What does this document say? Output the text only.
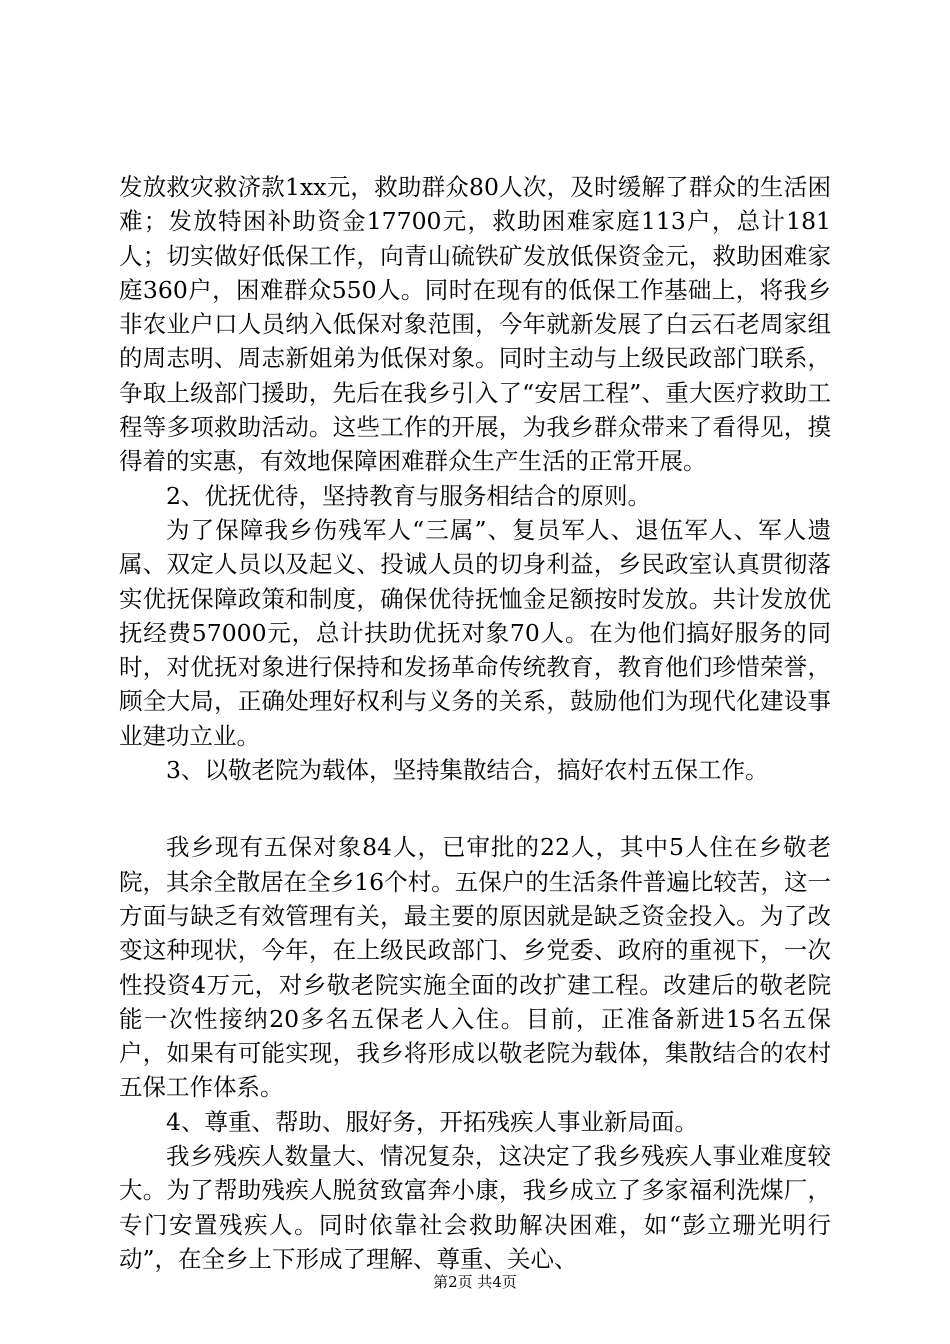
发放救灾救济款1xx元，救助群众80人次，及时缓解了群众的生活困难；发放特困补助资金17700元，救助困难家庭113户，总计181人；切实做好低保工作，向青山硫铁矿发放低保资金元，救助困难家庭360户，困难群众550人。同时在现有的低保工作基础上，将我乡非农业户口人员纳入低保对象范围，今年就新发展了白云石老周家组的周志明、周志新姐弟为低保对象。同时主动与上级民政部门联系，争取上级部门援助，先后在我乡引入了“安居工程”、重大医疗救助工程等多项救助活动。这些工作的开展，为我乡群众带来了看得见，摸得着的实惠，有效地保障困难群众生产生活的正常开展。

2、优抚优待，坚持教育与服务相结合的原则。

为了保障我乡伤残军人“三属”、复员军人、退伍军人、军人遗属、双定人员以及起义、投诚人员的切身利益，乡民政室认真贯彻落实优抚保障政策和制度，确保优待抚恤金足额按时发放。共计发放优抚经费57000元，总计扶助优抚对象70人。在为他们搞好服务的同时，对优抚对象进行保持和发扬革命传统教育，教育他们珍惜荣誉，顾全大局，正确处理好权利与义务的关系，鼓励他们为现代化建设事业建功立业。

3、以敬老院为载体，坚持集散结合，搞好农村五保工作。

我乡现有五保对象84人，已审批的22人，其中5人住在乡敬老院，其余全散居在全乡16个村。五保户的生活条件普遍比较苦，这一方面与缺乏有效管理有关，最主要的原因就是缺乏资金投入。为了改变这种现状，今年，在上级民政部门、乡党委、政府的重视下，一次性投资4万元，对乡敬老院实施全面的改扩建工程。改建后的敬老院能一次性接纳20多名五保老人入住。目前，正准备新进15名五保户，如果有可能实现，我乡将形成以敬老院为载体，集散结合的农村五保工作体系。

4、尊重、帮助、服好务，开拓残疾人事业新局面。

我乡残疾人数量大、情况复杂，这决定了我乡残疾人事业难度较大。为了帮助残疾人脱贫致富奔小康，我乡成立了多家福利洗煤厂，专门安置残疾人。同时依靠社会救助解决困难，如“彭立珊光明行动”，在全乡上下形成了理解、尊重、关心、

第2页 共4页
